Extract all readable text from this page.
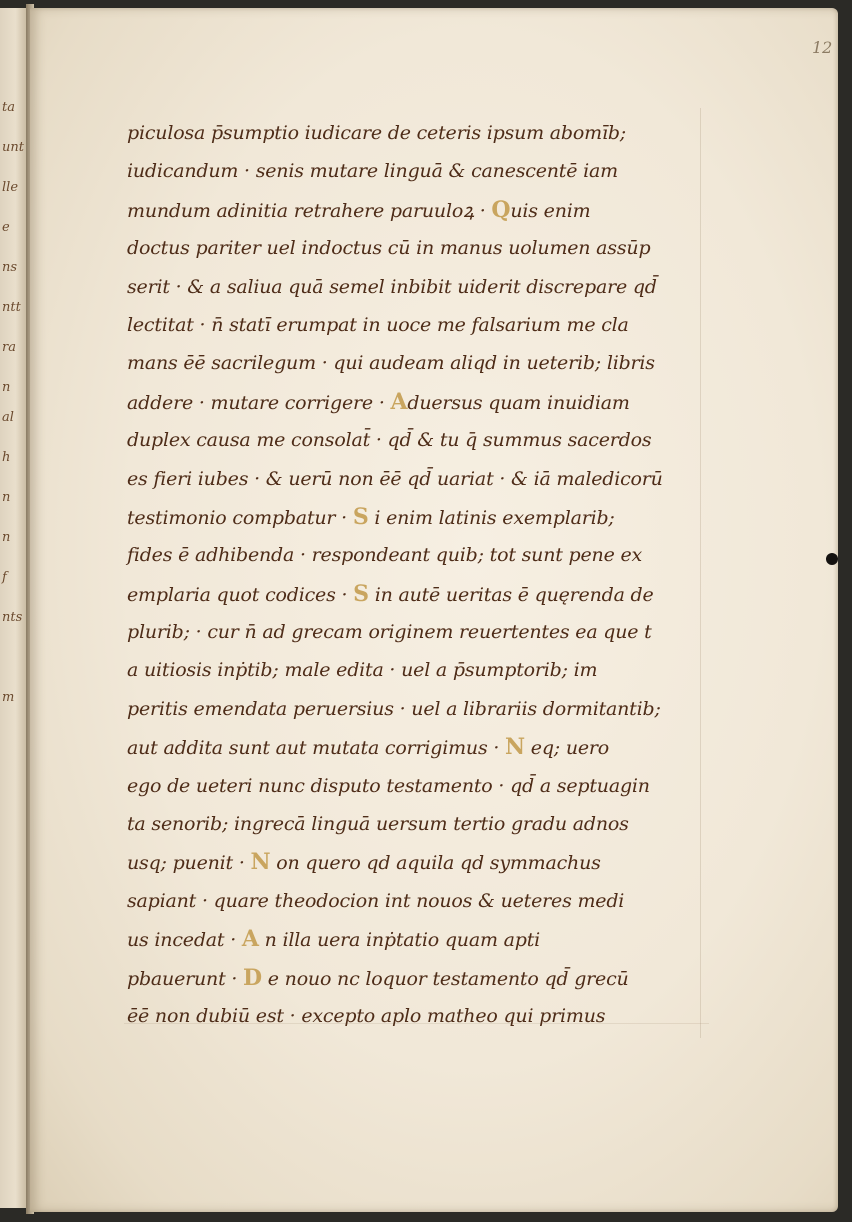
ta
unt
lle
e
ns
ntt
ra
n
al
h
n
n
f
nts
m
12
piculosa p̄sumptio iudicare de ceteris ipsum abomīb;
iudicandum · senis mutare linguā & canescentē iam
mundum adinitia retrahere paruuloꝝ · Quis enim
doctus pariter uel indoctus cū in manus uolumen assūp
serit · & a saliua quā semel inbibit uiderit discrepare qd̄
lectitat · n̄ statī erumpat in uoce me falsarium me cla
mans ēē sacrilegum · qui audeam aliqd in ueterib; libris
addere · mutare corrigere · Aduersus quam inuidiam
duplex causa me consolat̄ · qd̄ & tu q̄ summus sacerdos
es fieri iubes · & uerū non ēē qd̄ uariat · & iā maledicorū
testimonio compbatur · S i enim latinis exemplarib;
fides ē adhibenda · respondeant quib; tot sunt pene ex
emplaria quot codices · S in autē ueritas ē quęrenda de
plurib; · cur n̄ ad grecam originem reuertentes ea que t
a uitiosis inṗtib; male edita · uel a p̄sumptorib; im
peritis emendata peruersius · uel a librariis dormitantib;
aut addita sunt aut mutata corrigimus · N eq; uero
ego de ueteri nunc disputo testamento · qd̄ a septuagin
ta senorib; ingrecā linguā uersum tertio gradu adnos
usq; puenit · N on quero qd aquila qd symmachus
sapiant · quare theodocion int nouos & ueteres medi
us incedat · A n illa uera inṗtatio quam apti
pbauerunt · D e nouo nc loquor testamento qd̄ grecū
ēē non dubiū est · excepto aplo matheo qui primus
